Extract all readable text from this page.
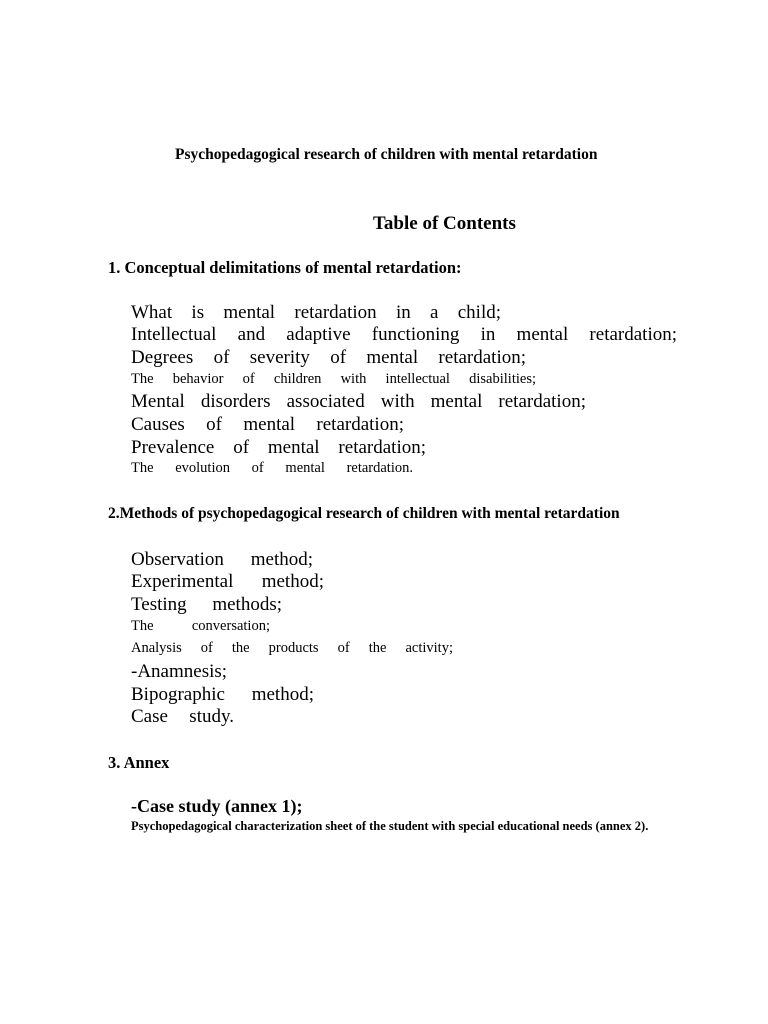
Psychopedagogical research of children with mental retardation
Table of Contents
1. Conceptual delimitations of mental retardation:
What is mental retardation in a child;
Intellectual and adaptive functioning in mental retardation;
Degrees of severity of mental retardation;
The behavior of children with intellectual disabilities;
Mental disorders associated with mental retardation;
Causes of mental retardation;
Prevalence of mental retardation;
The evolution of mental retardation.
2.Methods of psychopedagogical research of children with mental retardation
Observation method;
Experimental method;
Testing methods;
The conversation;
Analysis of the products of the activity;
-Anamnesis;
Bipographic method;
Case study.
3. Annex
-Case study (annex 1);
Psychopedagogical characterization sheet of the student with special educational needs (annex 2).
